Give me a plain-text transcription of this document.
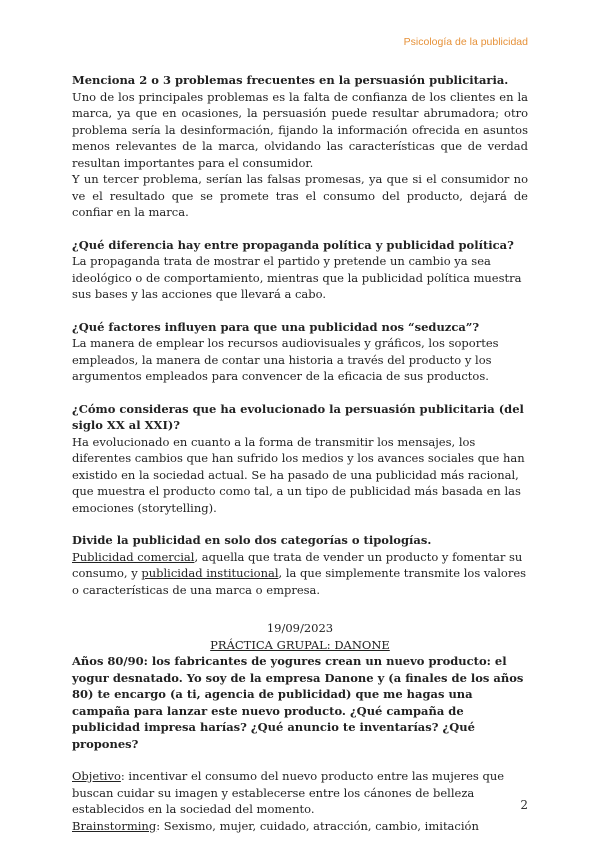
Psicología de la publicidad

Menciona 2 o 3 problemas frecuentes en la persuasión publicitaria.

Uno de los principales problemas es la falta de confianza de los clientes en la marca, ya que en ocasiones, la persuasión puede resultar abrumadora; otro problema sería la desinformación, fijando la información ofrecida en asuntos menos relevantes de la marca, olvidando las características que de verdad resultan importantes para el consumidor.

Y un tercer problema, serían las falsas promesas, ya que si el consumidor no ve el resultado que se promete tras el consumo del producto, dejará de confiar en la marca.

¿Qué diferencia hay entre propaganda política y publicidad política?

La propaganda trata de mostrar el partido y pretende un cambio ya sea ideológico o de comportamiento, mientras que la publicidad política muestra sus bases y las acciones que llevará a cabo.

¿Qué factores influyen para que una publicidad nos “seduzca”?

La manera de emplear los recursos audiovisuales y gráficos, los soportes empleados, la manera de contar una historia a través del producto y los argumentos empleados para convencer de la eficacia de sus productos.

¿Cómo consideras que ha evolucionado la persuasión publicitaria (del siglo XX al XXI)?

Ha evolucionado en cuanto a la forma de transmitir los mensajes, los diferentes cambios que han sufrido los medios y los avances sociales que han existido en la sociedad actual. Se ha pasado de una publicidad más racional, que muestra el producto como tal, a un tipo de publicidad más basada en las emociones (storytelling).

Divide la publicidad en solo dos categorías o tipologías.

Publicidad comercial, aquella que trata de vender un producto y fomentar su consumo, y publicidad institucional, la que simplemente transmite los valores o características de una marca o empresa.

19/09/2023

PRÁCTICA GRUPAL: DANONE

Años 80/90: los fabricantes de yogures crean un nuevo producto: el yogur desnatado. Yo soy de la empresa Danone y (a finales de los años 80) te encargo (a ti, agencia de publicidad) que me hagas una campaña para lanzar este nuevo producto. ¿Qué campaña de publicidad impresa harías? ¿Qué anuncio te inventarías? ¿Qué propones?

Objetivo: incentivar el consumo del nuevo producto entre las mujeres que buscan cuidar su imagen y establecerse entre los cánones de belleza establecidos en la sociedad del momento.

Brainstorming: Sexismo, mujer, cuidado, atracción, cambio, imitación

2
